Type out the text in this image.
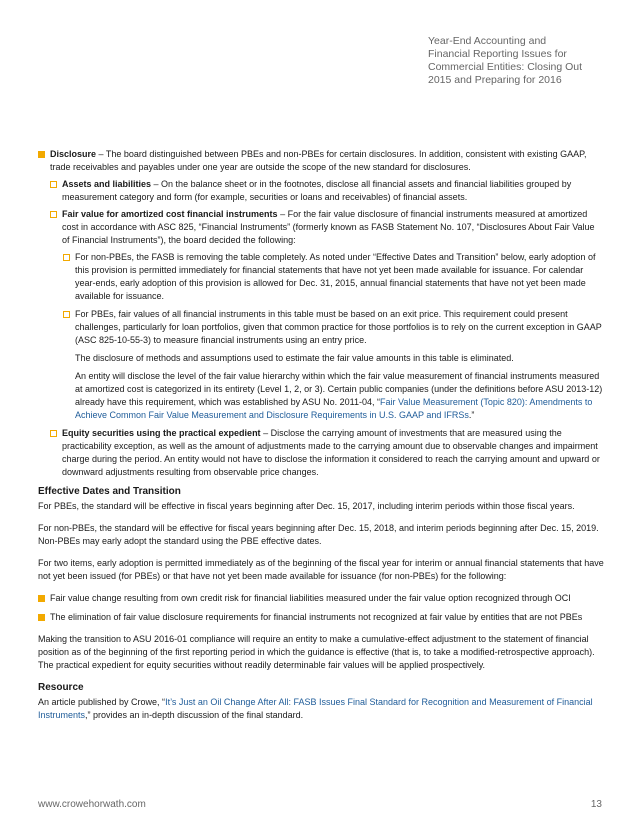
Year-End Accounting and
Financial Reporting Issues for
Commercial Entities: Closing Out
2015 and Preparing for 2016
Disclosure – The board distinguished between PBEs and non-PBEs for certain disclosures. In addition, consistent with existing GAAP, trade receivables and payables under one year are outside the scope of the new standard for disclosures.
Assets and liabilities – On the balance sheet or in the footnotes, disclose all financial assets and financial liabilities grouped by measurement category and form (for example, securities or loans and receivables) of financial assets.
Fair value for amortized cost financial instruments – For the fair value disclosure of financial instruments measured at amortized cost in accordance with ASC 825, “Financial Instruments” (formerly known as FASB Statement No. 107, “Disclosures About Fair Value of Financial Instruments”), the board decided the following:
For non-PBEs, the FASB is removing the table completely. As noted under “Effective Dates and Transition” below, early adoption of this provision is permitted immediately for financial statements that have not yet been made available for issuance. For calendar year-ends, early adoption of this provision is allowed for Dec. 31, 2015, annual financial statements that have not yet been made available for issuance.
For PBEs, fair values of all financial instruments in this table must be based on an exit price. This requirement could present challenges, particularly for loan portfolios, given that common practice for those portfolios is to rely on the current exception in GAAP (ASC 825-10-55-3) to measure financial instruments using an entry price.
The disclosure of methods and assumptions used to estimate the fair value amounts in this table is eliminated.
An entity will disclose the level of the fair value hierarchy within which the fair value measurement of financial instruments measured at amortized cost is categorized in its entirety (Level 1, 2, or 3). Certain public companies (under the definitions before ASU 2013-12) already have this requirement, which was established by ASU No. 2011-04, “Fair Value Measurement (Topic 820): Amendments to Achieve Common Fair Value Measurement and Disclosure Requirements in U.S. GAAP and IFRSs.”
Equity securities using the practical expedient – Disclose the carrying amount of investments that are measured using the practicability exception, as well as the amount of adjustments made to the carrying amount due to observable changes and impairment charge during the period. An entity would not have to disclose the information it considered to reach the carrying amount and upward or downward adjustments resulting from observable price changes.
Effective Dates and Transition
For PBEs, the standard will be effective in fiscal years beginning after Dec. 15, 2017, including interim periods within those fiscal years.
For non-PBEs, the standard will be effective for fiscal years beginning after Dec. 15, 2018, and interim periods beginning after Dec. 15, 2019. Non-PBEs may early adopt the standard using the PBE effective dates.
For two items, early adoption is permitted immediately as of the beginning of the fiscal year for interim or annual financial statements that have not yet been issued (for PBEs) or that have not yet been made available for issuance (for non-PBEs) for the following:
Fair value change resulting from own credit risk for financial liabilities measured under the fair value option recognized through OCI
The elimination of fair value disclosure requirements for financial instruments not recognized at fair value by entities that are not PBEs
Making the transition to ASU 2016-01 compliance will require an entity to make a cumulative-effect adjustment to the statement of financial position as of the beginning of the first reporting period in which the guidance is effective (that is, to take a modified-retrospective approach). The practical expedient for equity securities without readily determinable fair values will be applied prospectively.
Resource
An article published by Crowe, “It’s Just an Oil Change After All: FASB Issues Final Standard for Recognition and Measurement of Financial Instruments,” provides an in-depth discussion of the final standard.
www.crowehorwath.com	13
